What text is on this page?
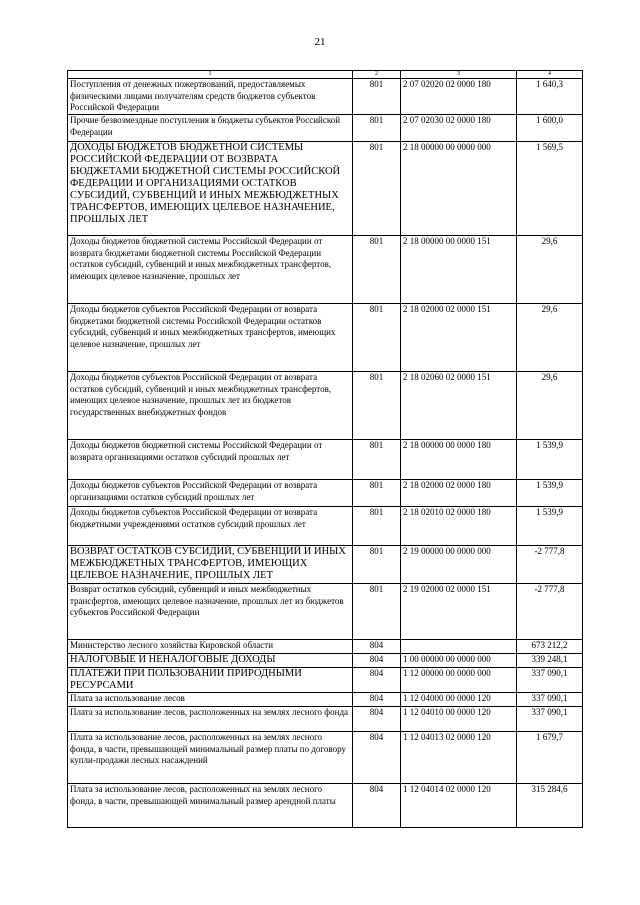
21
1	2	3	4
Поступления от денежных пожертвований, предоставляемых физическими лицами получателям средств бюджетов субъектов Российской Федерации	801	2 07 02020 02 0000 180	1 640,3
Прочие безвозмездные поступления в бюджеты субъектов Российской Федерации	801	2 07 02030 02 0000 180	1 600,0
ДОХОДЫ БЮДЖЕТОВ БЮДЖЕТНОЙ СИСТЕМЫ РОССИЙСКОЙ ФЕДЕРАЦИИ ОТ ВОЗВРАТА БЮДЖЕТАМИ БЮДЖЕТНОЙ СИСТЕМЫ РОССИЙСКОЙ ФЕДЕРАЦИИ И ОРГАНИЗАЦИЯМИ ОСТАТКОВ СУБСИДИЙ, СУБВЕНЦИЙ И ИНЫХ МЕЖБЮДЖЕТНЫХ ТРАНСФЕРТОВ, ИМЕЮЩИХ ЦЕЛЕВОЕ НАЗНАЧЕНИЕ, ПРОШЛЫХ ЛЕТ	801	2 18 00000 00 0000 000	1 569,5
Доходы бюджетов бюджетной системы Российской Федерации от возврата бюджетами бюджетной системы Российской Федерации остатков субсидий, субвенций и иных межбюджетных трансфертов, имеющих целевое назначение, прошлых лет	801	2 18 00000 00 0000 151	29,6
Доходы бюджетов субъектов Российской Федерации от возврата бюджетами бюджетной системы Российской Федерации остатков субсидий, субвенций и иных межбюджетных трансфертов, имеющих целевое назначение, прошлых лет	801	2 18 02000 02 0000 151	29,6
Доходы бюджетов субъектов Российской Федерации от возврата остатков субсидий, субвенций и иных межбюджетных трансфертов, имеющих целевое назначение, прошлых лет из бюджетов государственных внебюджетных фондов	801	2 18 02060 02 0000 151	29,6
Доходы бюджетов бюджетной системы Российской Федерации от возврата организациями остатков субсидий прошлых лет	801	2 18 00000 00 0000 180	1 539,9
Доходы бюджетов субъектов Российской Федерации от возврата организациями остатков субсидий прошлых лет	801	2 18 02000 02 0000 180	1 539,9
Доходы бюджетов субъектов Российской Федерации от возврата бюджетными учреждениями остатков субсидий прошлых лет	801	2 18 02010 02 0000 180	1 539,9
ВОЗВРАТ ОСТАТКОВ СУБСИДИЙ, СУБВЕНЦИЙ И ИНЫХ МЕЖБЮДЖЕТНЫХ ТРАНСФЕРТОВ, ИМЕЮЩИХ ЦЕЛЕВОЕ НАЗНАЧЕНИЕ, ПРОШЛЫХ ЛЕТ	801	2 19 00000 00 0000 000	-2 777,8
Возврат остатков субсидий, субвенций и иных межбюджетных трансфертов, имеющих целевое назначение, прошлых лет из бюджетов субъектов Российской Федерации	801	2 19 02000 02 0000 151	-2 777,8
Министерство лесного хозяйства Кировской области	804		673 212,2
НАЛОГОВЫЕ И НЕНАЛОГОВЫЕ ДОХОДЫ	804	1 00 00000 00 0000 000	339 248,1
ПЛАТЕЖИ ПРИ ПОЛЬЗОВАНИИ ПРИРОДНЫМИ РЕСУРСАМИ	804	1 12 00000 00 0000 000	337 090,1
Плата за использование лесов	804	1 12 04000 00 0000 120	337 090,1
Плата за использование лесов, расположенных на землях лесного фонда	804	1 12 04010 00 0000 120	337 090,1
Плата за использование лесов, расположенных на землях лесного фонда, в части, превышающей минимальный размер платы по договору купли-продажи лесных насаждений	804	1 12 04013 02 0000 120	1 679,7
Плата за использование лесов, расположенных на землях лесного фонда, в части, превышающей минимальный размер арендной платы	804	1 12 04014 02 0000 120	315 284,6
